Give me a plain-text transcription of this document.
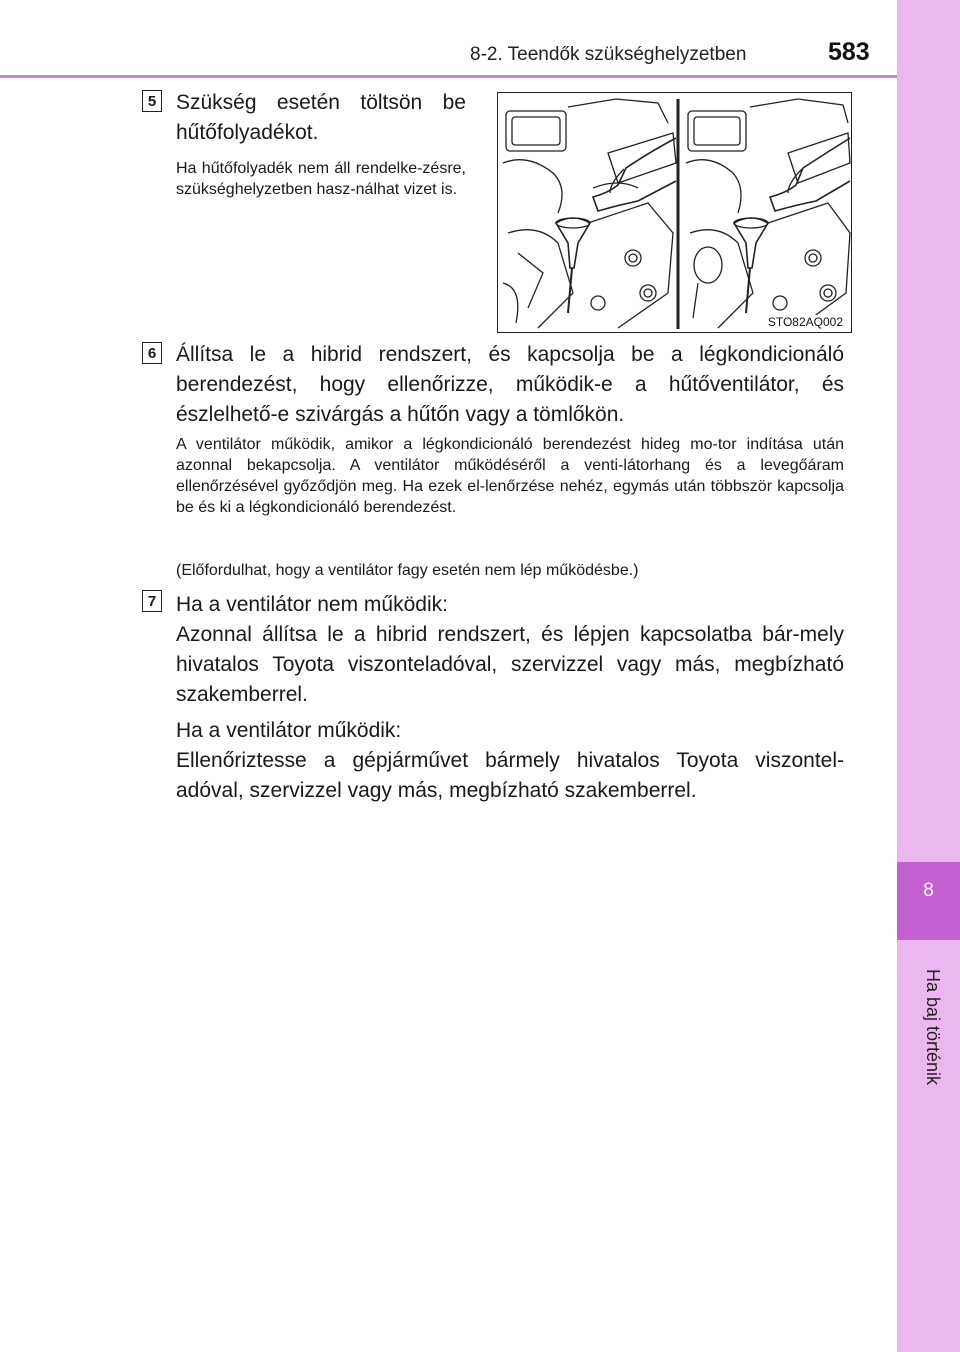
8-2. Teendők szükséghelyzetben	583
8
Ha baj történik
5 Szükség esetén töltsön be hűtőfolyadékot.

Ha hűtőfolyadék nem áll rendelke-zésre, szükséghelyzetben hasz-nálhat vizet is.

STO82AQ002
6 Állítsa le a hibrid rendszert, és kapcsolja be a légkondicionáló berendezést, hogy ellenőrizze, működik-e a hűtőventilátor, és észlelhető-e szivárgás a hűtőn vagy a tömlőkön.

A ventilátor működik, amikor a légkondicionáló berendezést hideg mo-tor indítása után azonnal bekapcsolja. A ventilátor működéséről a venti-látorhang és a levegőáram ellenőrzésével győződjön meg. Ha ezek el-lenőrzése nehéz, egymás után többször kapcsolja be és ki a légkondicionáló berendezést.

(Előfordulhat, hogy a ventilátor fagy esetén nem lép működésbe.)

7 Ha a ventilátor nem működik:

Azonnal állítsa le a hibrid rendszert, és lépjen kapcsolatba bár-mely hivatalos Toyota viszonteladóval, szervizzel vagy más, megbízható szakemberrel.

Ha a ventilátor működik:

Ellenőriztesse a gépjárművet bármely hivatalos Toyota viszontel-adóval, szervizzel vagy más, megbízható szakemberrel.
